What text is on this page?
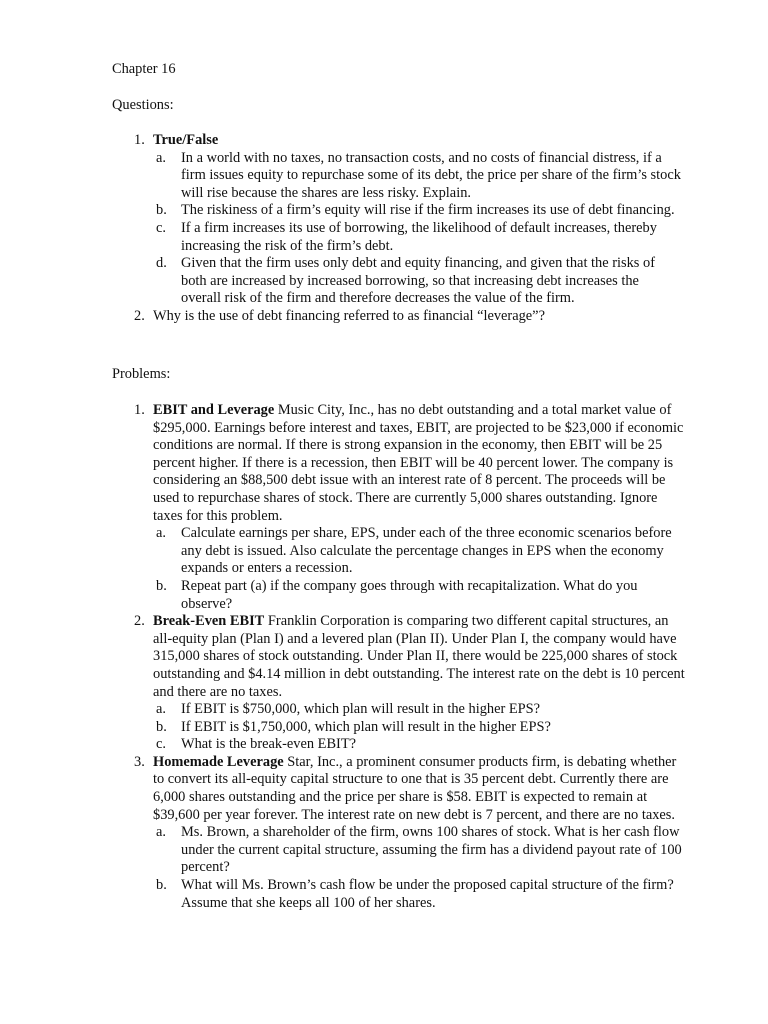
Chapter 16
Questions:
1. True/False
a. In a world with no taxes, no transaction costs, and no costs of financial distress, if a firm issues equity to repurchase some of its debt, the price per share of the firm’s stock will rise because the shares are less risky. Explain.
b. The riskiness of a firm’s equity will rise if the firm increases its use of debt financing.
c. If a firm increases its use of borrowing, the likelihood of default increases, thereby increasing the risk of the firm’s debt.
d. Given that the firm uses only debt and equity financing, and given that the risks of both are increased by increased borrowing, so that increasing debt increases the overall risk of the firm and therefore decreases the value of the firm.
2. Why is the use of debt financing referred to as financial “leverage”?
Problems:
1. EBIT and Leverage Music City, Inc., has no debt outstanding and a total market value of $295,000. Earnings before interest and taxes, EBIT, are projected to be $23,000 if economic conditions are normal. If there is strong expansion in the economy, then EBIT will be 25 percent higher. If there is a recession, then EBIT will be 40 percent lower. The company is considering an $88,500 debt issue with an interest rate of 8 percent. The proceeds will be used to repurchase shares of stock. There are currently 5,000 shares outstanding. Ignore taxes for this problem.
a. Calculate earnings per share, EPS, under each of the three economic scenarios before any debt is issued. Also calculate the percentage changes in EPS when the economy expands or enters a recession.
b. Repeat part (a) if the company goes through with recapitalization. What do you observe?
2. Break-Even EBIT Franklin Corporation is comparing two different capital structures, an all-equity plan (Plan I) and a levered plan (Plan II). Under Plan I, the company would have 315,000 shares of stock outstanding. Under Plan II, there would be 225,000 shares of stock outstanding and $4.14 million in debt outstanding. The interest rate on the debt is 10 percent and there are no taxes.
a. If EBIT is $750,000, which plan will result in the higher EPS?
b. If EBIT is $1,750,000, which plan will result in the higher EPS?
c. What is the break-even EBIT?
3. Homemade Leverage Star, Inc., a prominent consumer products firm, is debating whether to convert its all-equity capital structure to one that is 35 percent debt. Currently there are 6,000 shares outstanding and the price per share is $58. EBIT is expected to remain at $39,600 per year forever. The interest rate on new debt is 7 percent, and there are no taxes.
a. Ms. Brown, a shareholder of the firm, owns 100 shares of stock. What is her cash flow under the current capital structure, assuming the firm has a dividend payout rate of 100 percent?
b. What will Ms. Brown’s cash flow be under the proposed capital structure of the firm? Assume that she keeps all 100 of her shares.
